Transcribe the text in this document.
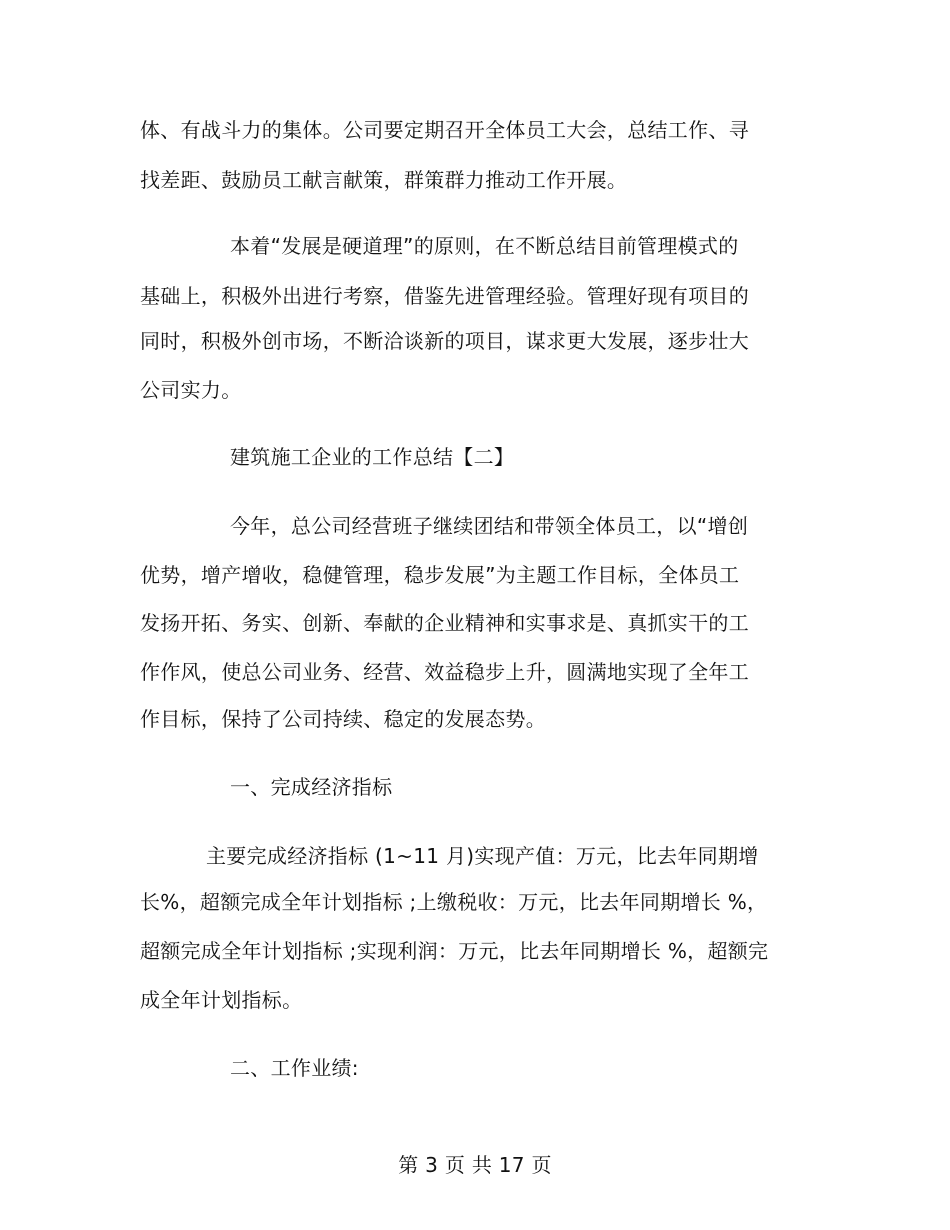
体、有战斗力的集体。公司要定期召开全体员工大会，总结工作、寻
找差距、鼓励员工献言献策，群策群力推动工作开展。
本着“发展是硬道理”的原则，在不断总结目前管理模式的
基础上，积极外出进行考察，借鉴先进管理经验。管理好现有项目的
同时，积极外创市场，不断洽谈新的项目，谋求更大发展，逐步壮大
公司实力。
建筑施工企业的工作总结【二】
今年，总公司经营班子继续团结和带领全体员工，以“增创
优势，增产增收，稳健管理，稳步发展”为主题工作目标，全体员工
发扬开拓、务实、创新、奉献的企业精神和实事求是、真抓实干的工
作作风，使总公司业务、经营、效益稳步上升，圆满地实现了全年工
作目标，保持了公司持续、稳定的发展态势。
一、完成经济指标
主要完成经济指标 (1~11 月)实现产值：万元，比去年同期增
长%，超额完成全年计划指标 ;上缴税收：万元，比去年同期增长 %，
超额完成全年计划指标 ;实现利润：万元，比去年同期增长 %，超额完
成全年计划指标。
二、工作业绩:
第 3 页 共 17 页
